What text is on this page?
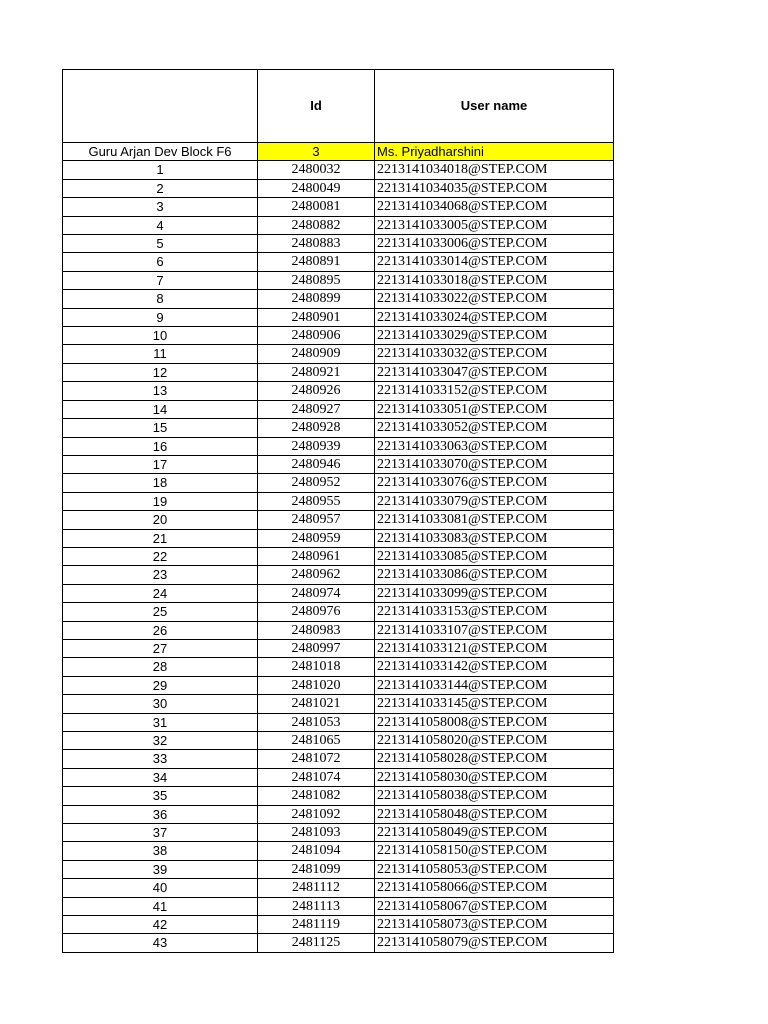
	Id	User name
Guru Arjan Dev Block F6	3	Ms. Priyadharshini
1	2480032	2213141034018@STEP.COM
2	2480049	2213141034035@STEP.COM
3	2480081	2213141034068@STEP.COM
4	2480882	2213141033005@STEP.COM
5	2480883	2213141033006@STEP.COM
6	2480891	2213141033014@STEP.COM
7	2480895	2213141033018@STEP.COM
8	2480899	2213141033022@STEP.COM
9	2480901	2213141033024@STEP.COM
10	2480906	2213141033029@STEP.COM
11	2480909	2213141033032@STEP.COM
12	2480921	2213141033047@STEP.COM
13	2480926	2213141033152@STEP.COM
14	2480927	2213141033051@STEP.COM
15	2480928	2213141033052@STEP.COM
16	2480939	2213141033063@STEP.COM
17	2480946	2213141033070@STEP.COM
18	2480952	2213141033076@STEP.COM
19	2480955	2213141033079@STEP.COM
20	2480957	2213141033081@STEP.COM
21	2480959	2213141033083@STEP.COM
22	2480961	2213141033085@STEP.COM
23	2480962	2213141033086@STEP.COM
24	2480974	2213141033099@STEP.COM
25	2480976	2213141033153@STEP.COM
26	2480983	2213141033107@STEP.COM
27	2480997	2213141033121@STEP.COM
28	2481018	2213141033142@STEP.COM
29	2481020	2213141033144@STEP.COM
30	2481021	2213141033145@STEP.COM
31	2481053	2213141058008@STEP.COM
32	2481065	2213141058020@STEP.COM
33	2481072	2213141058028@STEP.COM
34	2481074	2213141058030@STEP.COM
35	2481082	2213141058038@STEP.COM
36	2481092	2213141058048@STEP.COM
37	2481093	2213141058049@STEP.COM
38	2481094	2213141058150@STEP.COM
39	2481099	2213141058053@STEP.COM
40	2481112	2213141058066@STEP.COM
41	2481113	2213141058067@STEP.COM
42	2481119	2213141058073@STEP.COM
43	2481125	2213141058079@STEP.COM
